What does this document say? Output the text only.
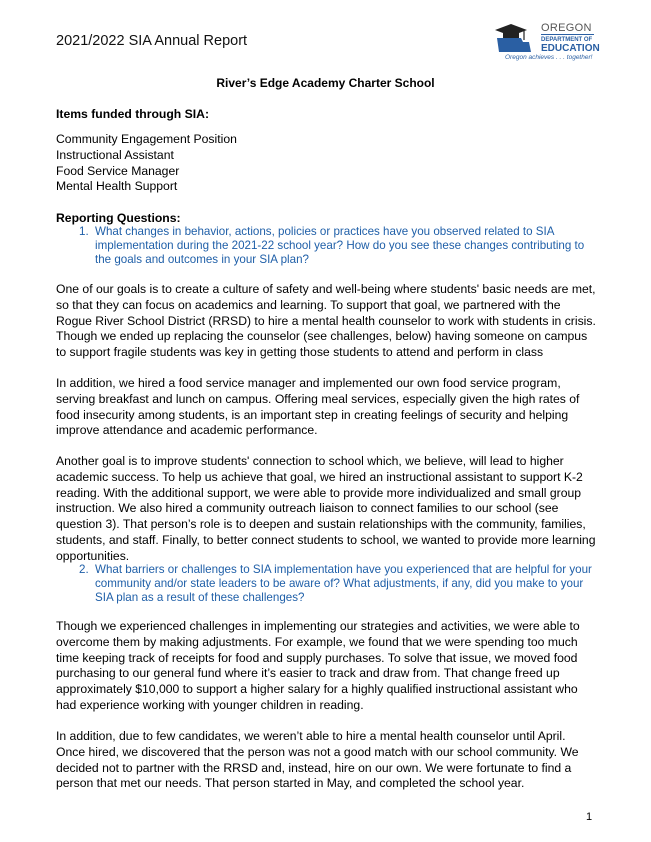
2021/2022 SIA Annual Report
OREGON
DEPARTMENT OF
EDUCATION
Oregon achieves . . . together!
River’s Edge Academy Charter School
Items funded through SIA:
Community Engagement Position
Instructional Assistant
Food Service Manager
Mental Health Support
Reporting Questions:
1. What changes in behavior, actions, policies or practices have you observed related to SIA implementation during the 2021-22 school year? How do you see these changes contributing to the goals and outcomes in your SIA plan?
One of our goals is to create a culture of safety and well-being where students' basic needs are met, so that they can focus on academics and learning. To support that goal, we partnered with the Rogue River School District (RRSD) to hire a mental health counselor to work with students in crisis. Though we ended up replacing the counselor (see challenges, below) having someone on campus to support fragile students was key in getting those students to attend and perform in class
In addition, we hired a food service manager and implemented our own food service program, serving breakfast and lunch on campus. Offering meal services, especially given the high rates of food insecurity among students, is an important step in creating feelings of security and helping improve attendance and academic performance.
Another goal is to improve students' connection to school which, we believe, will lead to higher academic success. To help us achieve that goal, we hired an instructional assistant to support K-2 reading. With the additional support, we were able to provide more individualized and small group instruction. We also hired a community outreach liaison to connect families to our school (see question 3). That person’s role is to deepen and sustain relationships with the community, families, students, and staff. Finally, to better connect students to school, we wanted to provide more learning opportunities.
2. What barriers or challenges to SIA implementation have you experienced that are helpful for your community and/or state leaders to be aware of? What adjustments, if any, did you make to your SIA plan as a result of these challenges?
Though we experienced challenges in implementing our strategies and activities, we were able to overcome them by making adjustments. For example, we found that we were spending too much time keeping track of receipts for food and supply purchases. To solve that issue, we moved food purchasing to our general fund where it’s easier to track and draw from. That change freed up approximately $10,000 to support a higher salary for a highly qualified instructional assistant who had experience working with younger children in reading.
In addition, due to few candidates, we weren’t able to hire a mental health counselor until April. Once hired, we discovered that the person was not a good match with our school community. We decided not to partner with the RRSD and, instead, hire on our own. We were fortunate to find a person that met our needs. That person started in May, and completed the school year.
1
